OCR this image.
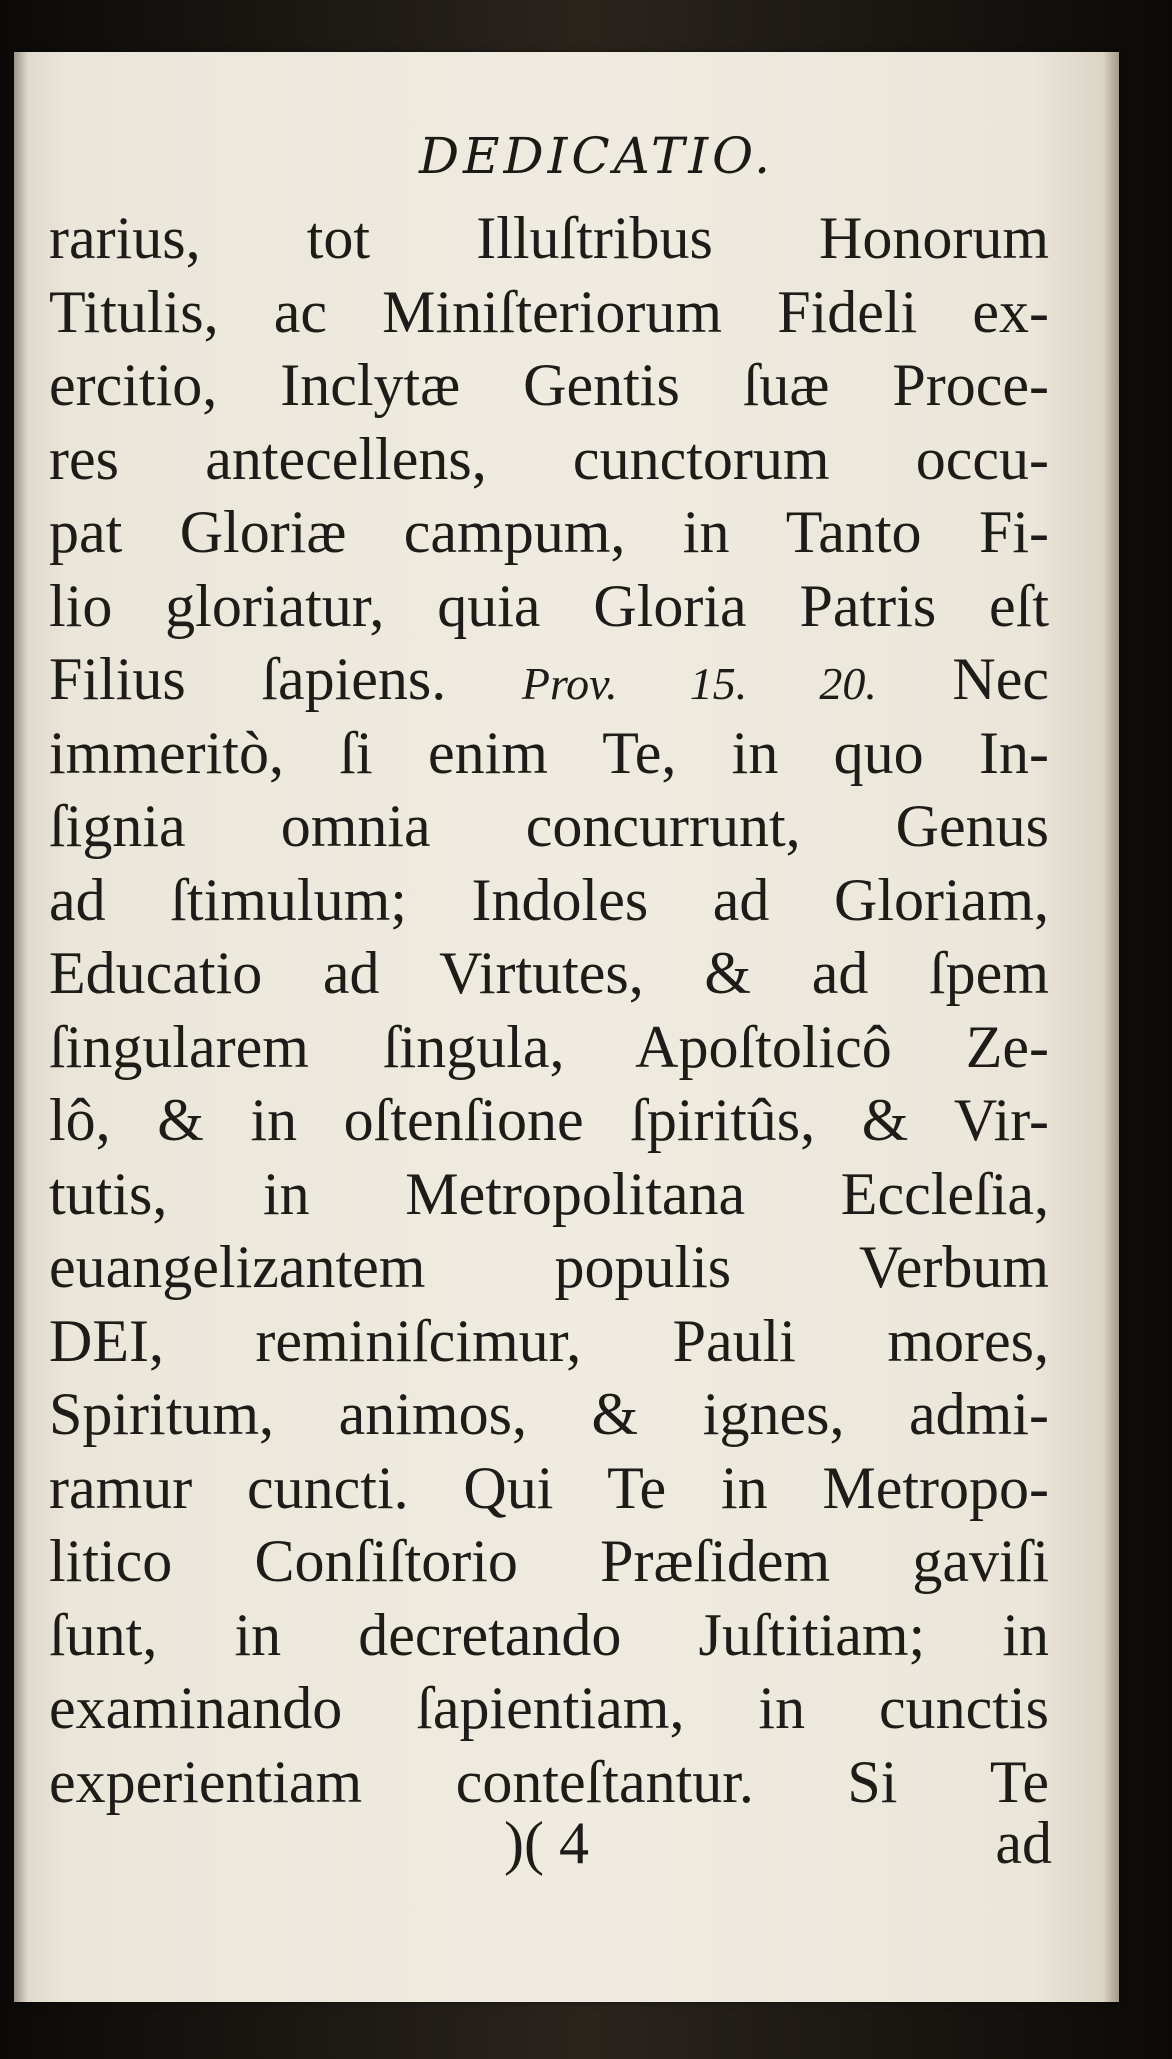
DEDICATIO.
rarius, tot Illuſtribus Honorum
Titulis, ac Miniſteriorum Fideli ex-
ercitio, Inclytæ Gentis ſuæ Proce-
res antecellens, cunctorum occu-
pat Gloriæ campum, in Tanto Fi-
lio gloriatur, quia Gloria Patris eſt
Filius ſapiens. Prov. 15. 20. Nec
immeritò, ſi enim Te, in quo In-
ſignia omnia concurrunt, Genus
ad ſtimulum; Indoles ad Gloriam,
Educatio ad Virtutes, & ad ſpem
ſingularem ſingula, Apoſtolicô Ze-
lô, & in oſtenſione ſpiritûs, & Vir-
tutis, in Metropolitana Eccleſia,
euangelizantem populis Verbum
DEI, reminiſcimur, Pauli mores,
Spiritum, animos, & ignes, admi-
ramur cuncti. Qui Te in Metropo-
litico Conſiſtorio Præſidem gaviſi
ſunt, in decretando Juſtitiam; in
examinando ſapientiam, in cunctis
experientiam conteſtantur. Si Te
)( 4	ad
